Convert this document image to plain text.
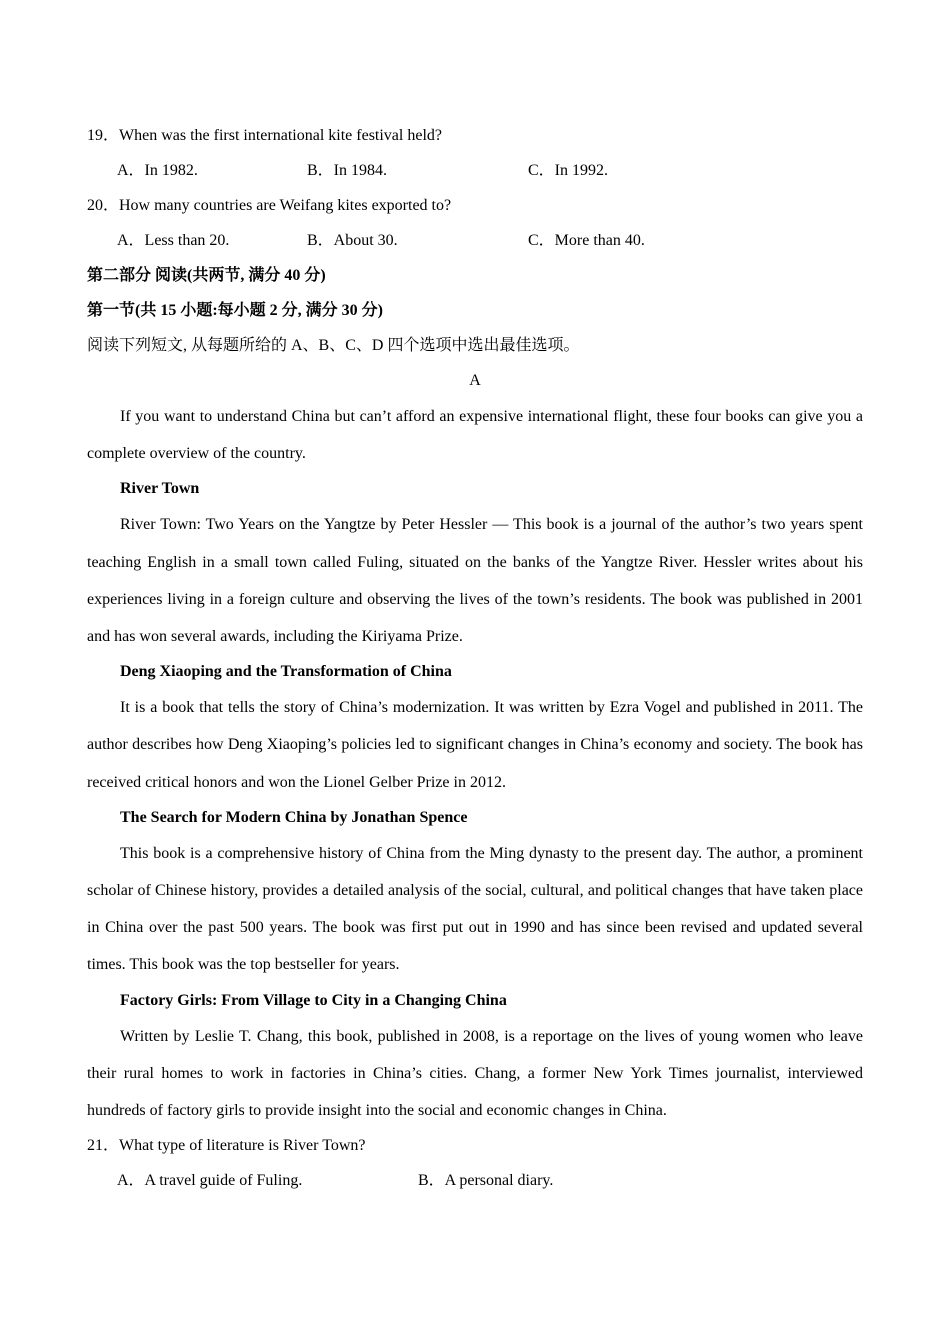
19．When was the first international kite festival held?
A．In 1982.	B．In 1984.	C．In 1992.
20．How many countries are Weifang kites exported to?
A．Less than 20.	B．About 30.	C．More than 40.
第二部分 阅读(共两节, 满分 40 分)
第一节(共 15 小题:每小题 2 分, 满分 30 分)
阅读下列短文, 从每题所给的 A、B、C、D 四个选项中选出最佳选项。
A
If you want to understand China but can’t afford an expensive international flight, these four books can give you a complete overview of the country.
River Town
River Town: Two Years on the Yangtze by Peter Hessler — This book is a journal of the author’s two years spent teaching English in a small town called Fuling, situated on the banks of the Yangtze River. Hessler writes about his experiences living in a foreign culture and observing the lives of the town’s residents. The book was published in 2001 and has won several awards, including the Kiriyama Prize.
Deng Xiaoping and the Transformation of China
It is a book that tells the story of China’s modernization. It was written by Ezra Vogel and published in 2011. The author describes how Deng Xiaoping’s policies led to significant changes in China’s economy and society. The book has received critical honors and won the Lionel Gelber Prize in 2012.
The Search for Modern China by Jonathan Spence
This book is a comprehensive history of China from the Ming dynasty to the present day. The author, a prominent scholar of Chinese history, provides a detailed analysis of the social, cultural, and political changes that have taken place in China over the past 500 years. The book was first put out in 1990 and has since been revised and updated several times. This book was the top bestseller for years.
Factory Girls: From Village to City in a Changing China
Written by Leslie T. Chang, this book, published in 2008, is a reportage on the lives of young women who leave their rural homes to work in factories in China’s cities. Chang, a former New York Times journalist, interviewed hundreds of factory girls to provide insight into the social and economic changes in China.
21．What type of literature is River Town?
A．A travel guide of Fuling.	B．A personal diary.
